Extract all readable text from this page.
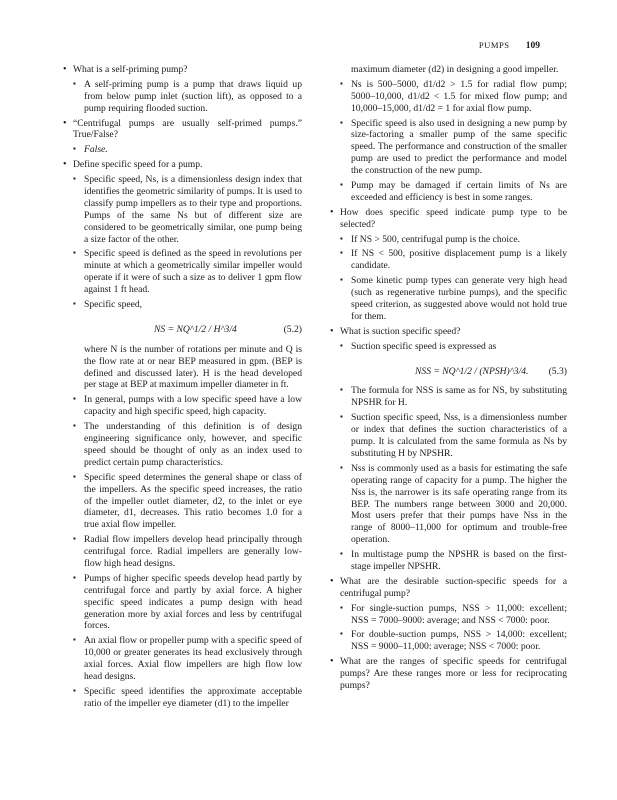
PUMPS 109
• What is a self-priming pump?
▪ A self-priming pump is a pump that draws liquid up from below pump inlet (suction lift), as opposed to a pump requiring flooded suction.
• “Centrifugal pumps are usually self-primed pumps.” True/False?
▪ False.
• Define specific speed for a pump.
▪ Specific speed, Ns, is a dimensionless design index that identifies the geometric similarity of pumps. It is used to classify pump impellers as to their type and proportions. Pumps of the same Ns but of different size are considered to be geometrically similar, one pump being a size factor of the other.
▪ Specific speed is defined as the speed in revolutions per minute at which a geometrically similar impeller would operate if it were of such a size as to deliver 1 gpm flow against 1 ft head.
▪ Specific speed,
NS = NQ^1/2 / H^3/4	(5.2)
where N is the number of rotations per minute and Q is the flow rate at or near BEP measured in gpm. (BEP is defined and discussed later). H is the head developed per stage at BEP at maximum impeller diameter in ft.
▪ In general, pumps with a low specific speed have a low capacity and high specific speed, high capacity.
▪ The understanding of this definition is of design engineering significance only, however, and specific speed should be thought of only as an index used to predict certain pump characteristics.
▪ Specific speed determines the general shape or class of the impellers. As the specific speed increases, the ratio of the impeller outlet diameter, d2, to the inlet or eye diameter, d1, decreases. This ratio becomes 1.0 for a true axial flow impeller.
▪ Radial flow impellers develop head principally through centrifugal force. Radial impellers are generally low-flow high head designs.
▪ Pumps of higher specific speeds develop head partly by centrifugal force and partly by axial force. A higher specific speed indicates a pump design with head generation more by axial forces and less by centrifugal forces.
▪ An axial flow or propeller pump with a specific speed of 10,000 or greater generates its head exclusively through axial forces. Axial flow impellers are high flow low head designs.
▪ Specific speed identifies the approximate acceptable ratio of the impeller eye diameter (d1) to the impeller
maximum diameter (d2) in designing a good impeller.
▪ Ns is 500–5000, d1/d2 > 1.5 for radial flow pump; 5000–10,000, d1/d2 < 1.5 for mixed flow pump; and 10,000–15,000, d1/d2 = 1 for axial flow pump.
▪ Specific speed is also used in designing a new pump by size-factoring a smaller pump of the same specific speed. The performance and construction of the smaller pump are used to predict the performance and model the construction of the new pump.
▪ Pump may be damaged if certain limits of Ns are exceeded and efficiency is best in some ranges.
• How does specific speed indicate pump type to be selected?
▪ If NS > 500, centrifugal pump is the choice.
▪ If NS < 500, positive displacement pump is a likely candidate.
▪ Some kinetic pump types can generate very high head (such as regenerative turbine pumps), and the specific speed criterion, as suggested above would not hold true for them.
• What is suction specific speed?
▪ Suction specific speed is expressed as
NSS = NQ^1/2 / (NPSH)^3/4. (5.3)
▪ The formula for NSS is same as for NS, by substituting NPSHR for H.
▪ Suction specific speed, Nss, is a dimensionless number or index that defines the suction characteristics of a pump. It is calculated from the same formula as Ns by substituting H by NPSHR.
▪ Nss is commonly used as a basis for estimating the safe operating range of capacity for a pump. The higher the Nss is, the narrower is its safe operating range from its BEP. The numbers range between 3000 and 20,000. Most users prefer that their pumps have Nss in the range of 8000–11,000 for optimum and trouble-free operation.
▪ In multistage pump the NPSHR is based on the first-stage impeller NPSHR.
• What are the desirable suction-specific speeds for a centrifugal pump?
▪ For single-suction pumps, NSS > 11,000: excellent; NSS = 7000–9000: average; and NSS < 7000: poor.
▪ For double-suction pumps, NSS > 14,000: excellent; NSS = 9000–11,000: average; NSS < 7000: poor.
• What are the ranges of specific speeds for centrifugal pumps? Are these ranges more or less for reciprocating pumps?
